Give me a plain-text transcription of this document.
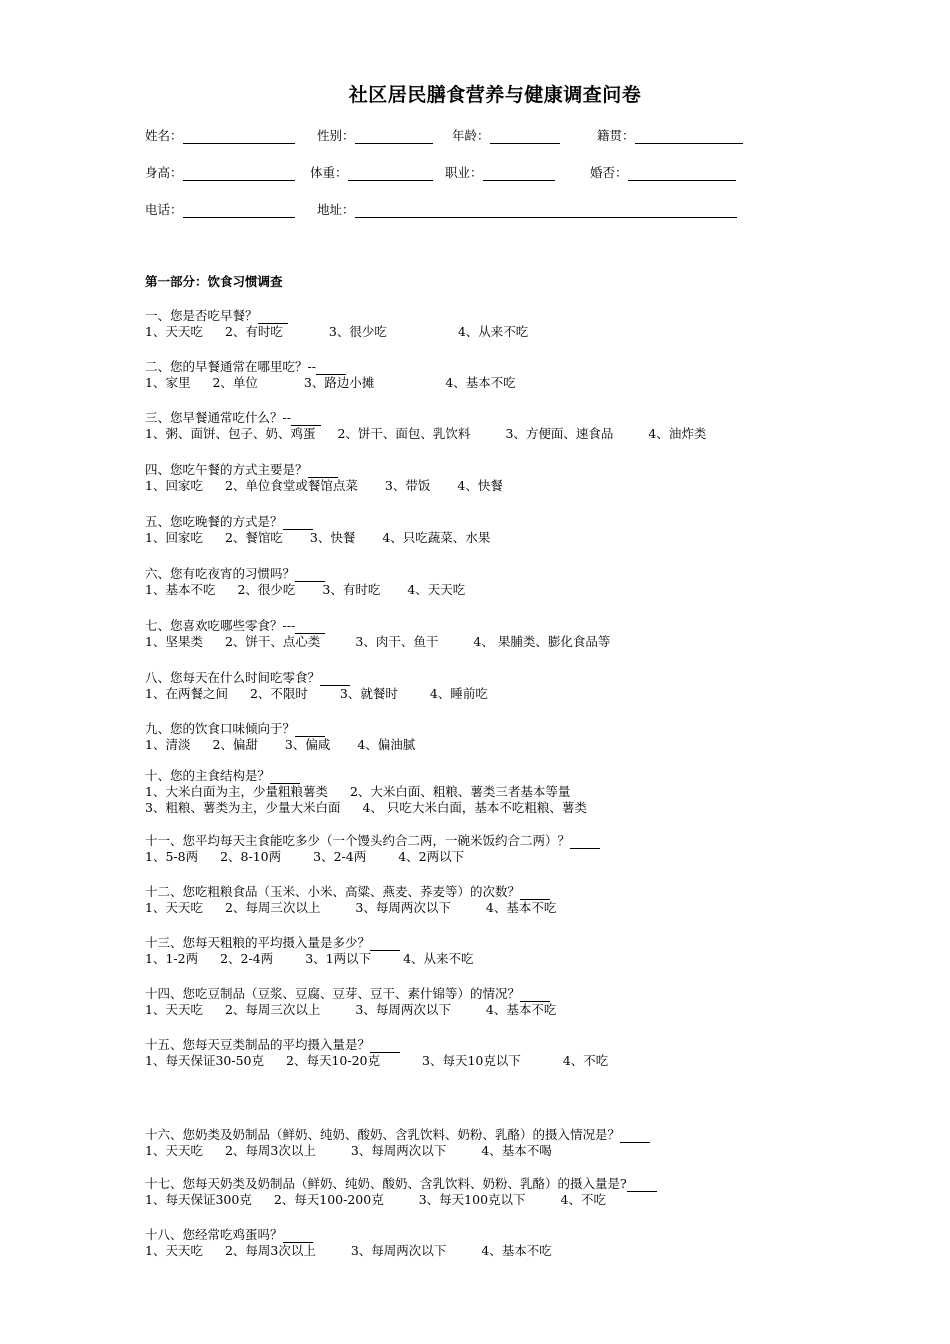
社区居民膳食营养与健康调查问卷
姓名：	性别：	年龄：	籍贯：
身高：	体重：	职业：	婚否：
电话：	地址：
第一部分：饮食习惯调查
一、您是否吃早餐？
1、天天吃 2、有时吃	3、很少吃	4、从来不吃
二、您的早餐通常在哪里吃？--
1、家里 2、单位	3、路边小摊	4、基本不吃
三、您早餐通常吃什么？--
1、粥、面饼、包子、奶、鸡蛋 2、饼干、面包、乳饮料	3、方便面、速食品	4、油炸类
四、您吃午餐的方式主要是？
1、回家吃 2、单位食堂或餐馆点菜 3、带饭 4、快餐
五、您吃晚餐的方式是？
1、回家吃 2、餐馆吃 3、快餐 4、只吃蔬菜、水果
六、您有吃夜宵的习惯吗？
1、基本不吃 2、很少吃 3、有时吃 4、天天吃
七、您喜欢吃哪些零食？---
1、坚果类 2、饼干、点心类	3、肉干、鱼干	4、 果脯类、膨化食品等
八、您每天在什么时间吃零食？
1、在两餐之间 2、不限时	3、就餐时	4、睡前吃
九、您的饮食口味倾向于？
1、清淡 2、偏甜 3、偏咸 4、偏油腻
十、您的主食结构是？
1、大米白面为主，少量粗粮薯类 2、大米白面、粗粮、薯类三者基本等量
3、粗粮、薯类为主，少量大米白面 4、 只吃大米白面，基本不吃粗粮、薯类
十一、您平均每天主食能吃多少（一个馒头约合二两，一碗米饭约合二两）？
1、5-8两 2、8-10两	3、2-4两	4、2两以下
十二、您吃粗粮食品（玉米、小米、高粱、燕麦、荞麦等）的次数？
1、天天吃 2、每周三次以上	3、每周两次以下	4、基本不吃
十三、您每天粗粮的平均摄入量是多少？
1、1-2两 2、2-4两	3、1两以下	4、从来不吃
十四、您吃豆制品（豆浆、豆腐、豆芽、豆干、素什锦等）的情况？
1、天天吃 2、每周三次以上	3、每周两次以下	4、基本不吃
十五、您每天豆类制品的平均摄入量是？
1、每天保证30-50克 2、每天10-20克	3、每天10克以下	4、不吃
十六、您奶类及奶制品（鲜奶、纯奶、酸奶、含乳饮料、奶粉、乳酪）的摄入情况是？
1、天天吃 2、每周3次以上	3、每周两次以下	4、基本不喝
十七、您每天奶类及奶制品（鲜奶、纯奶、酸奶、含乳饮料、奶粉、乳酪）的摄入量是?
1、每天保证300克 2、每天100-200克	3、每天100克以下	4、不吃
十八、您经常吃鸡蛋吗？
1、天天吃 2、每周3次以上	3、每周两次以下	4、基本不吃
